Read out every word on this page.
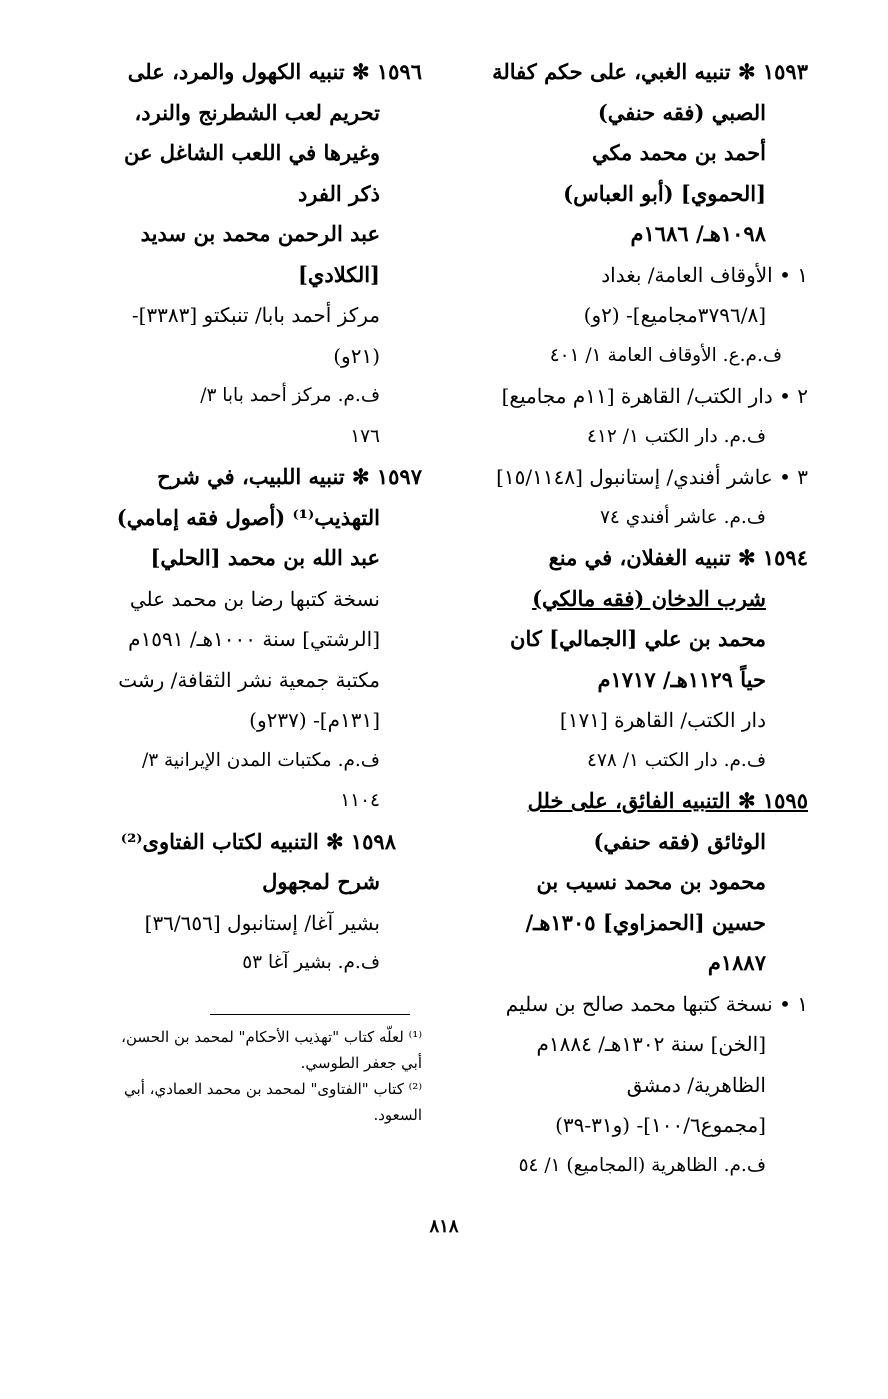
١٥٩٣ ✻ تنبيه الغبي، على حكم كفالة
الصبي (فقه حنفي)
أحمد بن محمد مكي
[الحموي] (أبو العباس)
١٠٩٨هـ/ ١٦٨٦م
١ • الأوقاف العامة/ بغداد
[٣٧٩٦/٨مجاميع]- (٢و)
ف.م.ع. الأوقاف العامة ١/ ٤٠١
٢ • دار الكتب/ القاهرة [١١م مجاميع]
ف.م. دار الكتب ١/ ٤١٢
٣ • عاشر أفندي/ إستانبول [١٥/١١٤٨]
ف.م. عاشر أفندي ٧٤
١٥٩٤ ✻ تنبيه الغفلان، في منع
شرب الدخان (فقه مالكي)
محمد بن علي [الجمالي] كان
حياً ١١٢٩هـ/ ١٧١٧م
دار الكتب/ القاهرة [١٧١]
ف.م. دار الكتب ١/ ٤٧٨
١٥٩٥ ✻ التنبيه الفائق، على خلل
الوثائق (فقه حنفي)
محمود بن محمد نسيب بن
حسين [الحمزاوي] ١٣٠٥هـ/
١٨٨٧م
١ • نسخة كتبها محمد صالح بن سليم
[الخن] سنة ١٣٠٢هـ/ ١٨٨٤م
الظاهرية/ دمشق
[مجموع١٠٠/٦]- (و٣١-٣٩)
ف.م. الظاهرية (المجاميع) ١/ ٥٤
١٥٩٦ ✻ تنبيه الكهول والمرد، على
تحريم لعب الشطرنج والنرد،
وغيرها في اللعب الشاغل عن
ذكر الفرد
عبد الرحمن محمد بن سديد
[الكلادي]
مركز أحمد بابا/ تنبكتو [٣٣٨٣]-
(٢١و)
ف.م. مركز أحمد بابا ٣/
١٧٦
١٥٩٧ ✻ تنبيه اللبيب، في شرح
التهذيب⁽¹⁾ (أصول فقه إمامي)
عبد الله بن محمد [الحلي]
نسخة كتبها رضا بن محمد علي
[الرشتي] سنة ١٠٠٠هـ/ ١٥٩١م
مكتبة جمعية نشر الثقافة/ رشت
[١٣١م]- (٢٣٧و)
ف.م. مكتبات المدن الإيرانية ٣/
١١٠٤
١٥٩٨ ✻ التنبيه لكتاب الفتاوى⁽²⁾
شرح لمجهول
بشير آغا/ إستانبول [٣٦/٦٥٦]
ف.م. بشير آغا ٥٣
⁽¹⁾ لعلّه كتاب "تهذيب الأحكام" لمحمد بن الحسن،
أبي جعفر الطوسي.
⁽²⁾ كتاب "الفتاوى" لمحمد بن محمد العمادي، أبي
السعود.
٨١٨
